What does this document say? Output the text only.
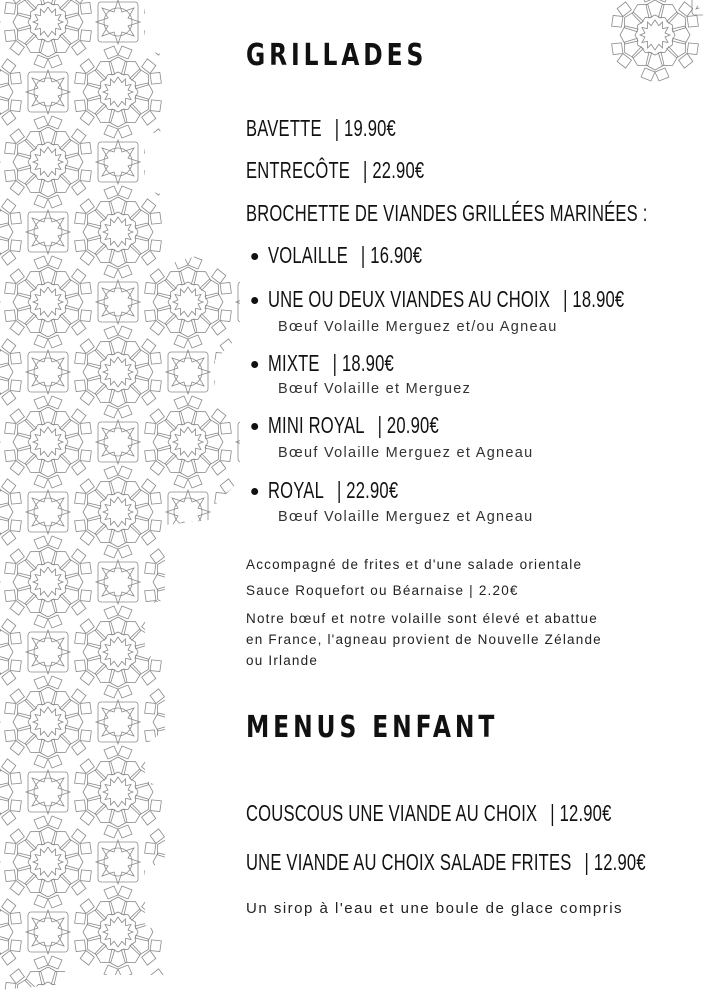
GRILLADES
BAVETTE | 19.90€
ENTRECÔTE | 22.90€
BROCHETTE DE VIANDES GRILLÉES MARINÉES :
VOLAILLE | 16.90€
UNE OU DEUX VIANDES AU CHOIX | 18.90€
Bœuf Volaille Merguez et/ou Agneau
MIXTE | 18.90€
Bœuf Volaille et Merguez
MINI ROYAL | 20.90€
Bœuf Volaille Merguez et Agneau
ROYAL | 22.90€
Bœuf Volaille Merguez et Agneau
Accompagné de frites et d'une salade orientale
Sauce Roquefort ou Béarnaise | 2.20€
Notre bœuf et notre volaille sont élevé et abattue
en France, l'agneau provient de Nouvelle Zélande
ou Irlande
MENUS ENFANT
COUSCOUS UNE VIANDE AU CHOIX | 12.90€
UNE VIANDE AU CHOIX SALADE FRITES | 12.90€
Un sirop à l'eau et une boule de glace compris
